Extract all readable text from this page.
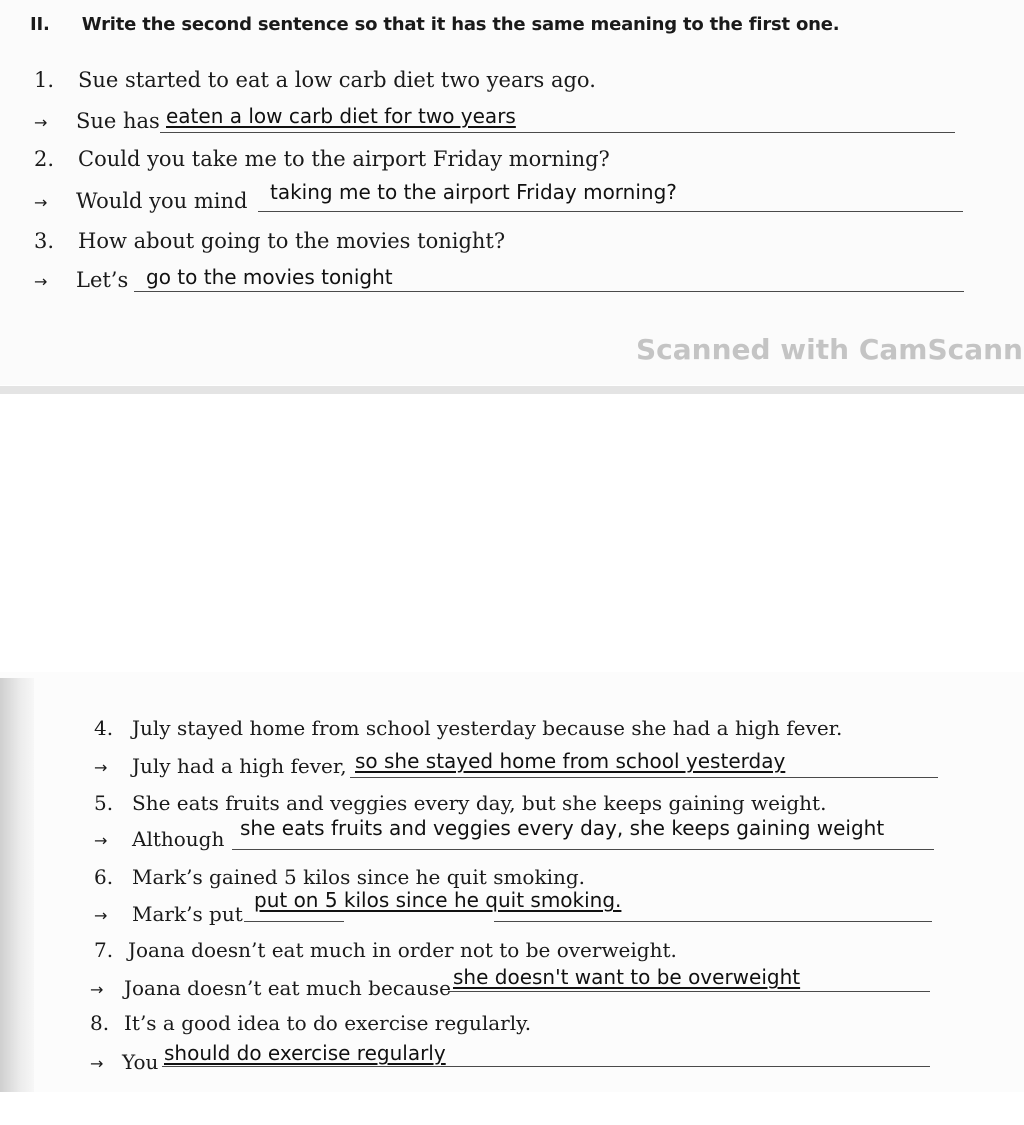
II. Write the second sentence so that it has the same meaning to the first one.
1. Sue started to eat a low carb diet two years ago.
→ Sue has eaten a low carb diet for two years
2. Could you take me to the airport Friday morning?
→ Would you mind taking me to the airport Friday morning?
3. How about going to the movies tonight?
→ Let’s go to the movies tonight
Scanned with CamScann
4. July stayed home from school yesterday because she had a high fever.
→ July had a high fever, so she stayed home from school yesterday
5. She eats fruits and veggies every day, but she keeps gaining weight.
→ Although she eats fruits and veggies every day, she keeps gaining weight
6. Mark’s gained 5 kilos since he quit smoking.
→ Mark’s put
put on 5 kilos since he quit smoking.
7. Joana doesn’t eat much in order not to be overweight.
→ Joana doesn’t eat much because she doesn't want to be overweight
8. It’s a good idea to do exercise regularly.
→ You should do exercise regularly
